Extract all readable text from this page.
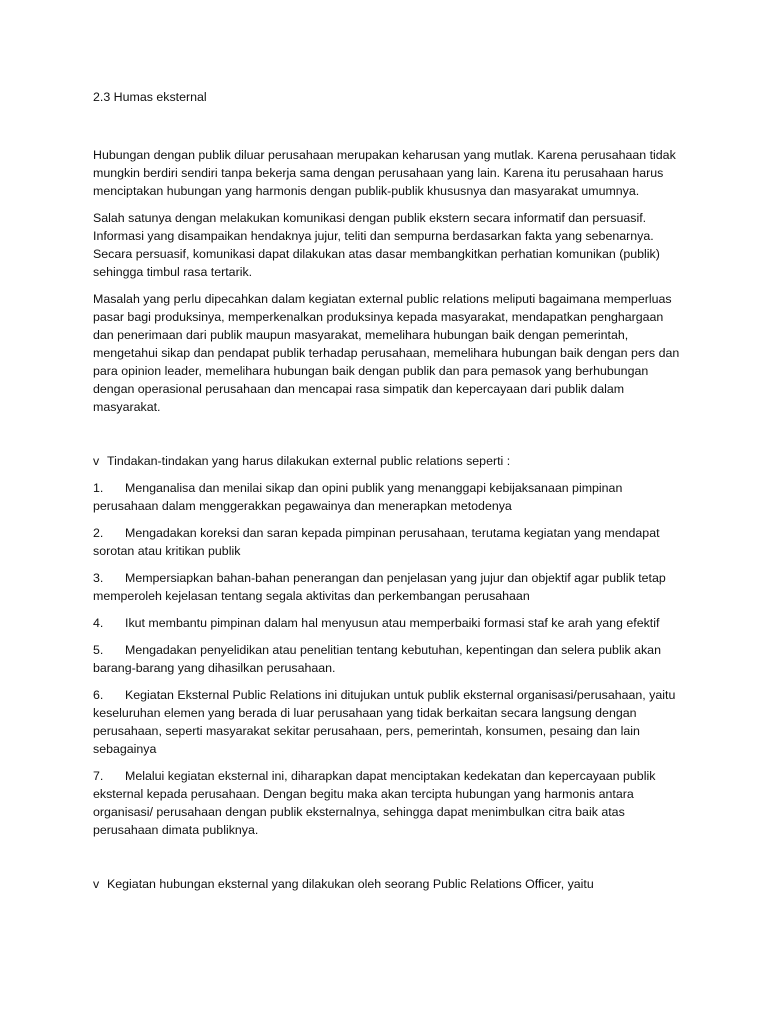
2.3 Humas eksternal

Hubungan dengan publik diluar perusahaan merupakan keharusan yang mutlak. Karena perusahaan tidak mungkin berdiri sendiri tanpa bekerja sama dengan perusahaan yang lain. Karena itu perusahaan harus menciptakan hubungan yang harmonis dengan publik-publik khususnya dan masyarakat umumnya.

Salah satunya dengan melakukan komunikasi dengan publik ekstern secara informatif dan persuasif. Informasi yang disampaikan hendaknya jujur, teliti dan sempurna berdasarkan fakta yang sebenarnya. Secara persuasif, komunikasi dapat dilakukan atas dasar membangkitkan perhatian komunikan (publik) sehingga timbul rasa tertarik.

Masalah yang perlu dipecahkan dalam kegiatan external public relations meliputi bagaimana memperluas pasar bagi produksinya, memperkenalkan produksinya kepada masyarakat, mendapatkan penghargaan dan penerimaan dari publik maupun masyarakat, memelihara hubungan baik dengan pemerintah, mengetahui sikap dan pendapat publik terhadap perusahaan, memelihara hubungan baik dengan pers dan para opinion leader, memelihara hubungan baik dengan publik dan para pemasok yang berhubungan dengan operasional perusahaan dan mencapai rasa simpatik dan kepercayaan dari publik dalam masyarakat.

v Tindakan-tindakan yang harus dilakukan external public relations seperti :

1. Menganalisa dan menilai sikap dan opini publik yang menanggapi kebijaksanaan pimpinan perusahaan dalam menggerakkan pegawainya dan menerapkan metodenya

2. Mengadakan koreksi dan saran kepada pimpinan perusahaan, terutama kegiatan yang mendapat sorotan atau kritikan publik

3. Mempersiapkan bahan-bahan penerangan dan penjelasan yang jujur dan objektif agar publik tetap memperoleh kejelasan tentang segala aktivitas dan perkembangan perusahaan

4. Ikut membantu pimpinan dalam hal menyusun atau memperbaiki formasi staf ke arah yang efektif

5. Mengadakan penyelidikan atau penelitian tentang kebutuhan, kepentingan dan selera publik akan barang-barang yang dihasilkan perusahaan.

6. Kegiatan Eksternal Public Relations ini ditujukan untuk publik eksternal organisasi/perusahaan, yaitu keseluruhan elemen yang berada di luar perusahaan yang tidak berkaitan secara langsung dengan perusahaan, seperti masyarakat sekitar perusahaan, pers, pemerintah, konsumen, pesaing dan lain sebagainya

7. Melalui kegiatan eksternal ini, diharapkan dapat menciptakan kedekatan dan kepercayaan publik eksternal kepada perusahaan. Dengan begitu maka akan tercipta hubungan yang harmonis antara organisasi/ perusahaan dengan publik eksternalnya, sehingga dapat menimbulkan citra baik atas perusahaan dimata publiknya.

v Kegiatan hubungan eksternal yang dilakukan oleh seorang Public Relations Officer, yaitu
